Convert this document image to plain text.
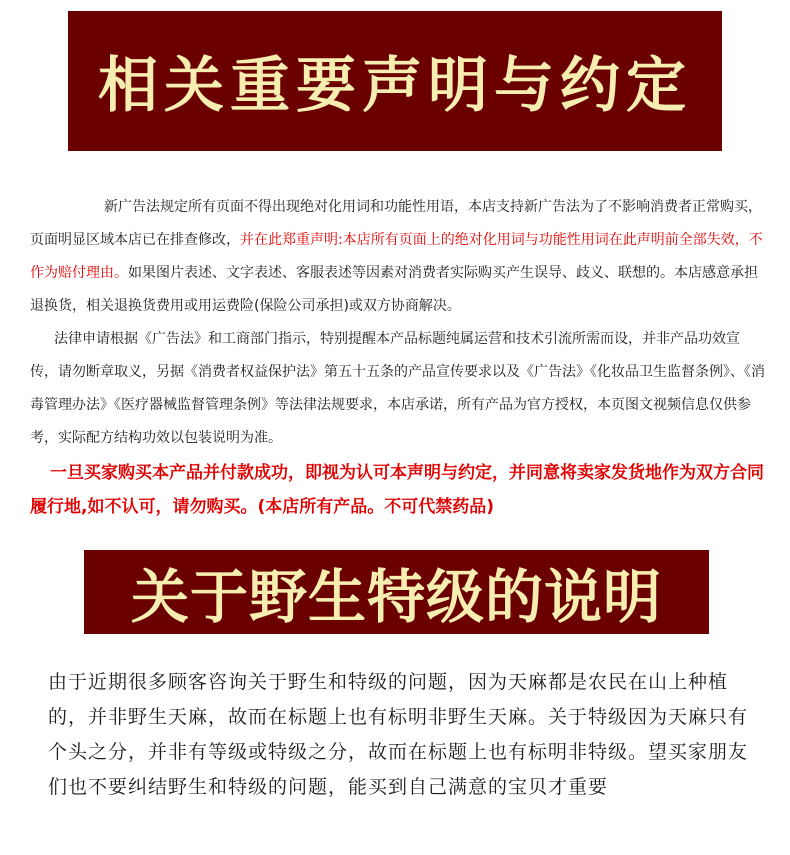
相关重要声明与约定

新广告法规定所有页面不得出现绝对化用词和功能性用语，本店支持新广告法为了不影响消费者正常购买，页面明显区域本店已在排查修改，并在此郑重声明:本店所有页面上的绝对化用词与功能性用词在此声明前全部失效，不作为赔付理由。如果图片表述、文字表述、客服表述等因素对消费者实际购买产生误导、歧义、联想的。本店感意承担退换货，相关退换货费用或用运费险(保险公司承担)或双方协商解决。

法律申请根据《广告法》和工商部门指示，特别提醒本产品标题纯属运营和技术引流所需而设，并非产品功效宣传，请勿断章取义，另据《消费者权益保护法》第五十五条的产品宣传要求以及《广告法》《化妆品卫生监督条例》、《消毒管理办法》《医疗器械监督管理条例》等法律法规要求，本店承诺，所有产品为官方授权，本页图文视频信息仅供参考，实际配方结构功效以包装说明为准。

一旦买家购买本产品并付款成功，即视为认可本声明与约定，并同意将卖家发货地作为双方合同履行地,如不认可，请勿购买。(本店所有产品。不可代禁药品)

关于野生特级的说明

由于近期很多顾客咨询关于野生和特级的问题，因为天麻都是农民在山上种植的，并非野生天麻，故而在标题上也有标明非野生天麻。关于特级因为天麻只有个头之分，并非有等级或特级之分，故而在标题上也有标明非特级。望买家朋友们也不要纠结野生和特级的问题，能买到自己满意的宝贝才重要
